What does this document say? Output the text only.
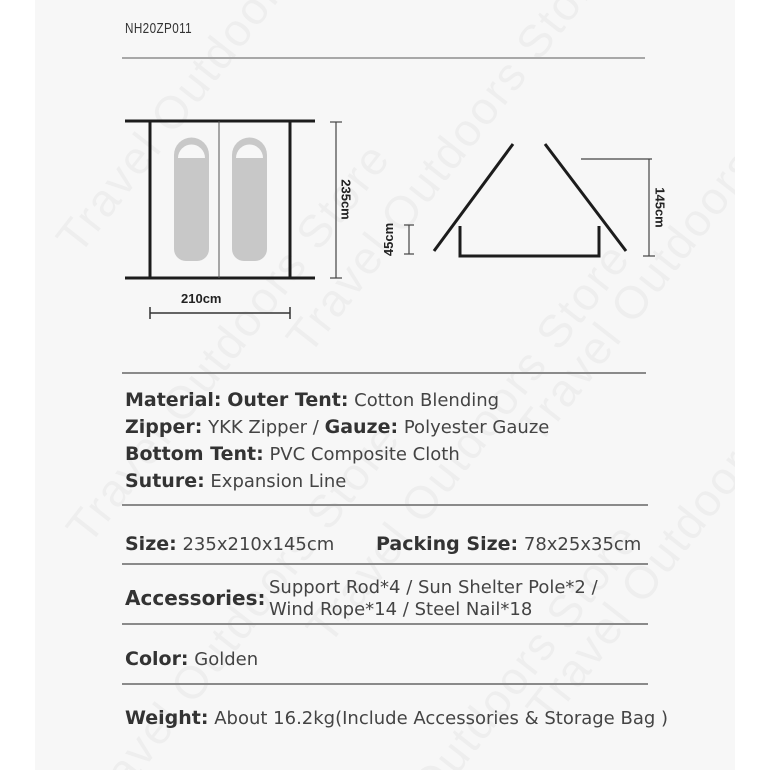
NH20ZP011
210cm
235cm
45cm
145cm
Material: Outer Tent: Cotton Blending
Zipper: YKK Zipper / Gauze: Polyester Gauze
Bottom Tent: PVC Composite Cloth
Suture: Expansion Line
Size: 235x210x145cm Packing Size: 78x25x35cm
Accessories: Support Rod*4 / Sun Shelter Pole*2 /
Wind Rope*14 / Steel Nail*18
Color: Golden
Weight: About 16.2kg(Include Accessories & Storage Bag )
